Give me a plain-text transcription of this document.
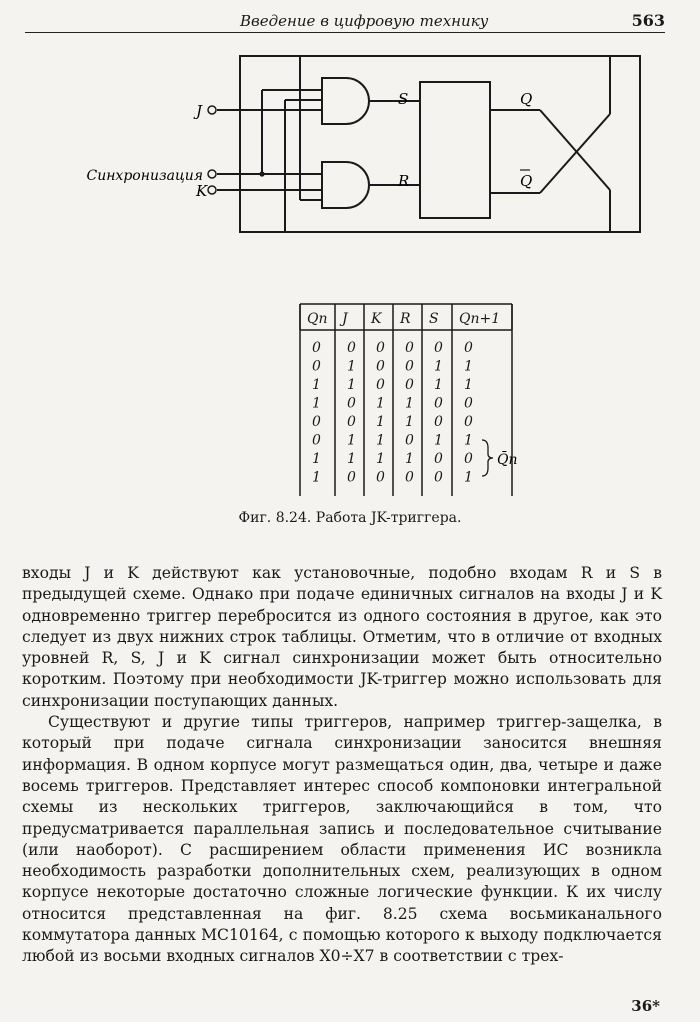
Введение в цифровую технику	563
J
Синхронизация
K
S
R
Q
Q
Qn J K R S Qn+1
0 0 0 0 0 0
0 1 0 0 1 1
1 1 0 0 1 1
1 0 1 1 0 0
0 0 1 1 0 0
0 1 1 0 1 1
1 1 1 1 0 0
1 0 0 0 0 1
Q̄n
Фиг. 8.24. Работа JK-триггера.

входы J и K действуют как установочные, подобно входам R и S в предыдущей схеме. Однако при подаче единичных сигналов на входы J и K одновременно триггер перебросится из одного состояния в другое, как это следует из двух нижних строк таблицы. Отметим, что в отличие от входных уровней R, S, J и K сигнал синхронизации может быть относительно коротким. Поэтому при необходимости JK-триггер можно использовать для синхронизации поступающих данных.

Существуют и другие типы триггеров, например триггер-защелка, в который при подаче сигнала синхронизации заносится внешняя информация. В одном корпусе могут размещаться один, два, четыре и даже восемь триггеров. Представляет интерес способ компоновки интегральной схемы из нескольких триггеров, заключающийся в том, что предусматривается параллельная запись и последовательное считывание (или наоборот). С расширением области применения ИС возникла необходимость разработки дополнительных схем, реализующих в одном корпусе некоторые достаточно сложные логические функции. К их числу относится представленная на фиг. 8.25 схема восьмиканального коммутатора данных MC10164, с помощью которого к выходу подключается любой из восьми входных сигналов X0÷X7 в соответствии с трех-

36*
